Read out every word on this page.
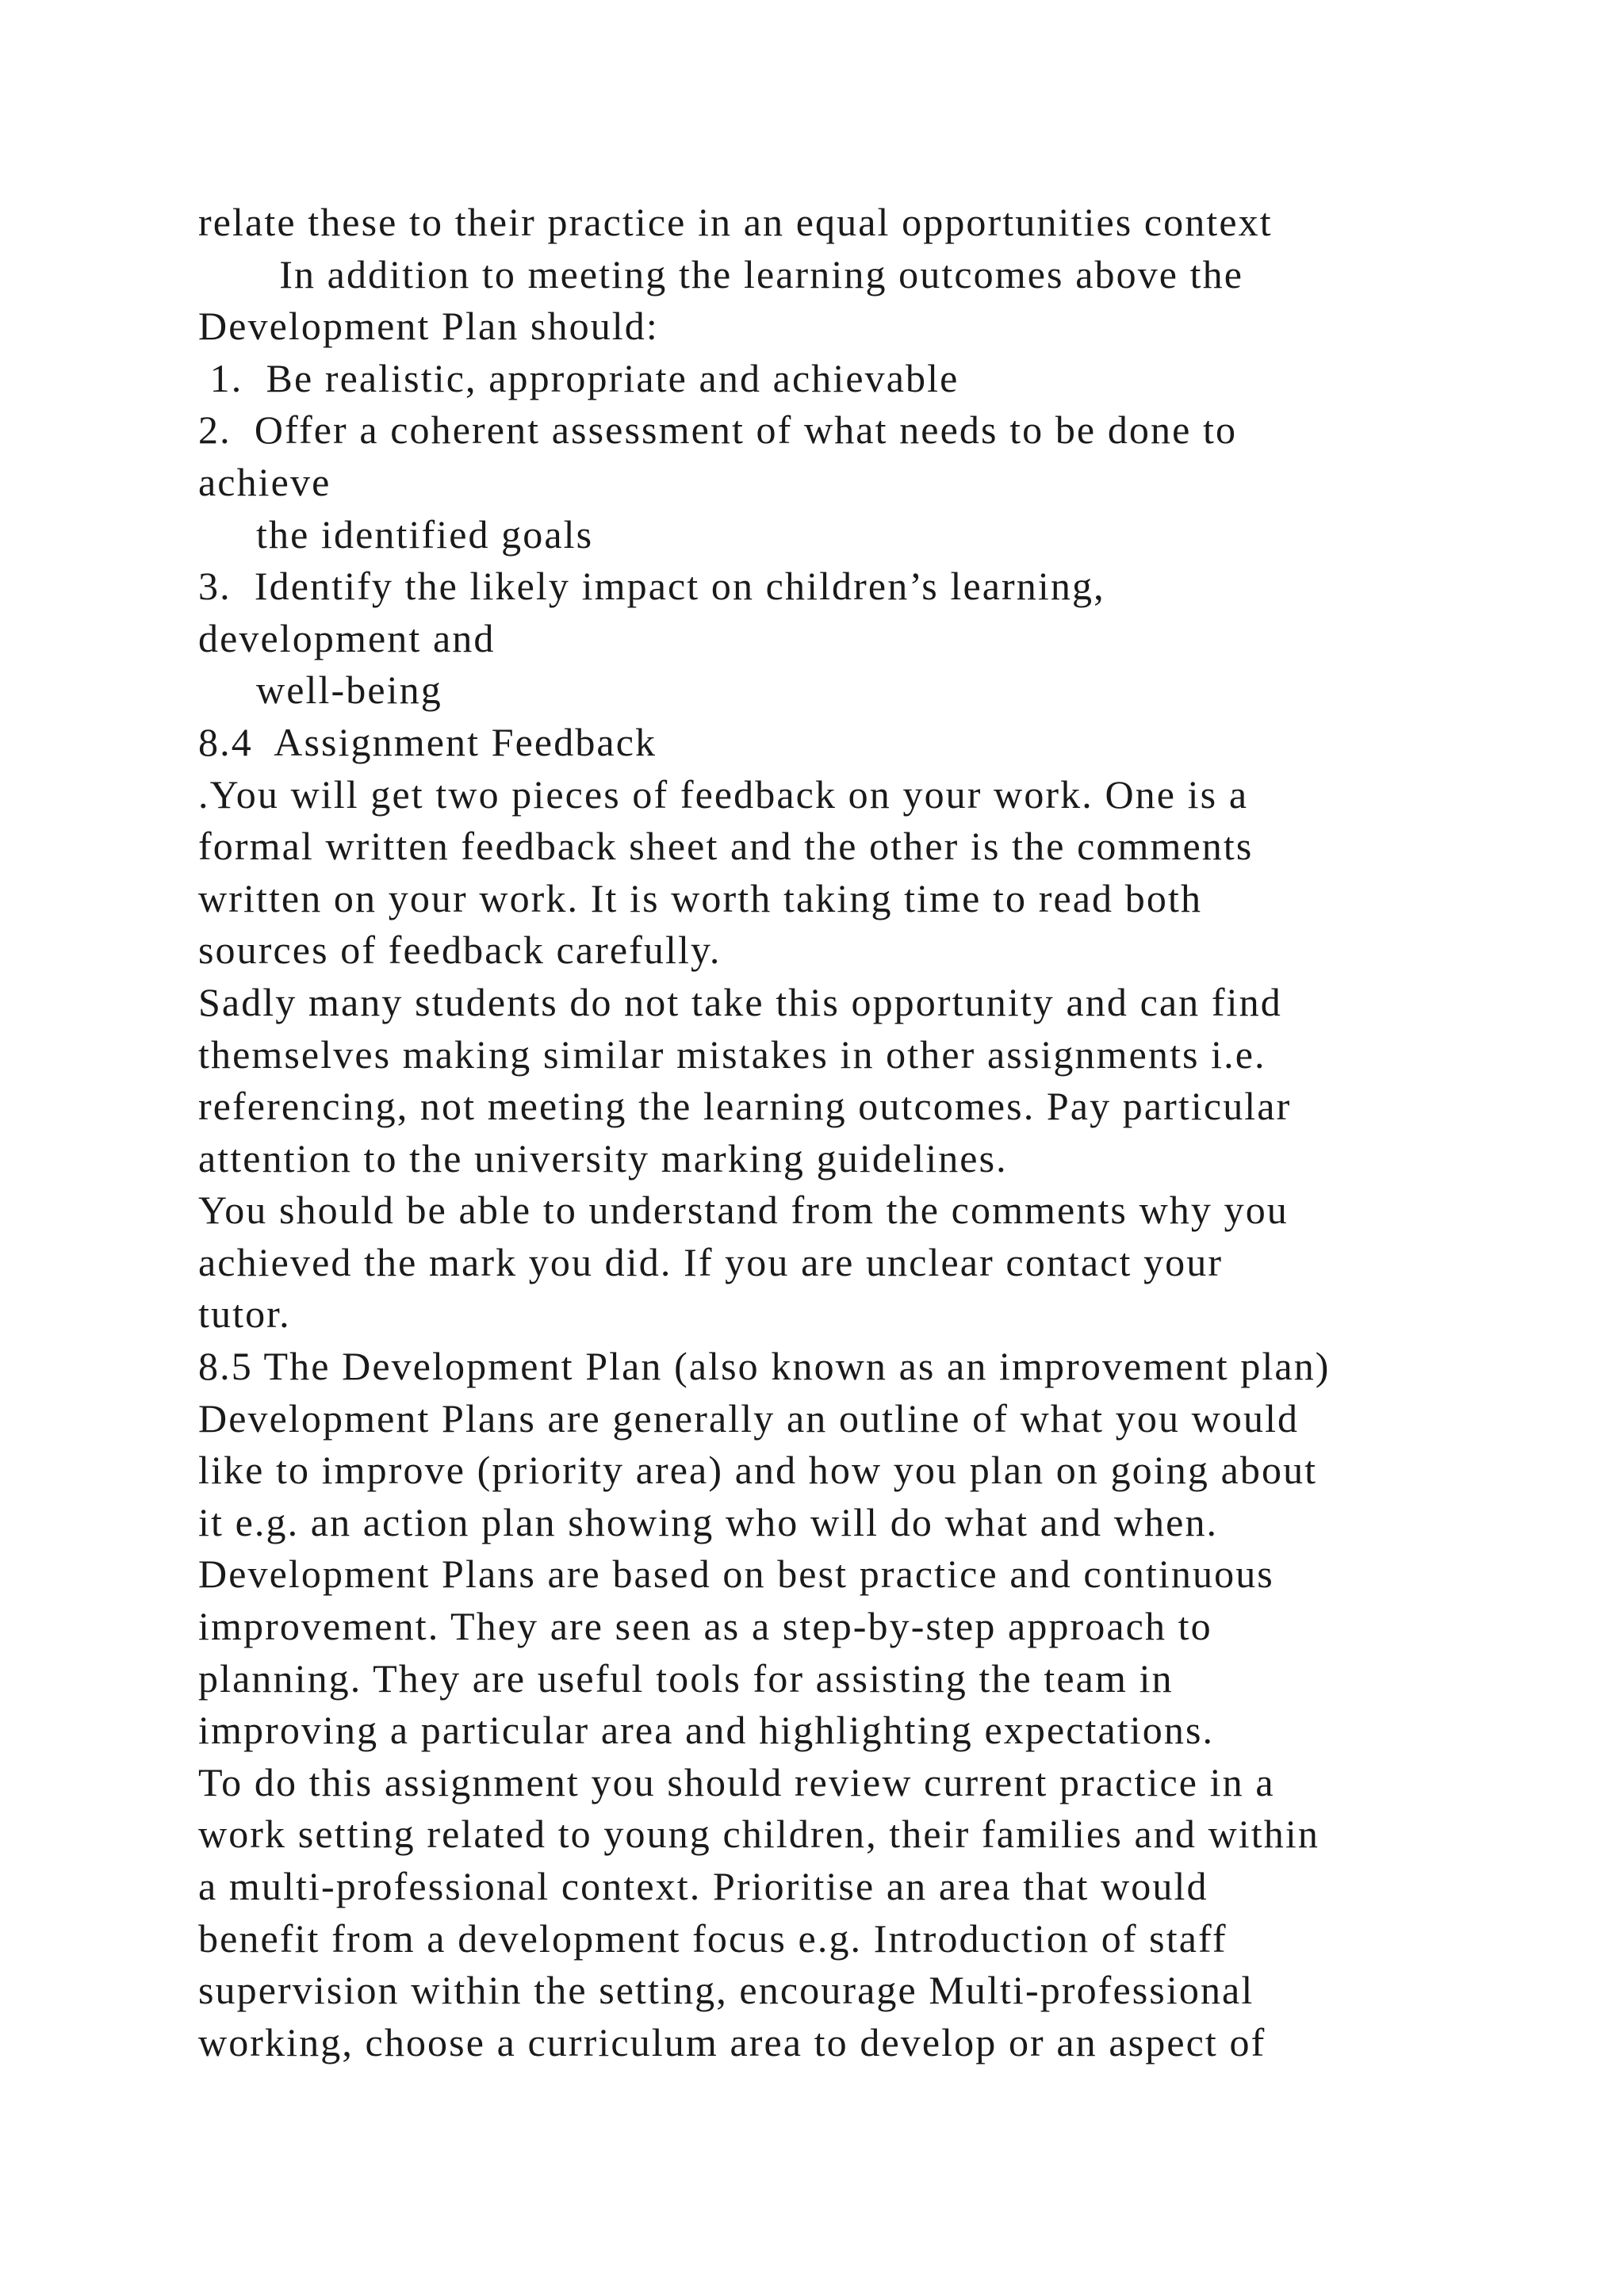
relate these to their practice in an equal opportunities context
In addition to meeting the learning outcomes above the
Development Plan should:
1.  Be realistic, appropriate and achievable
2.  Offer a coherent assessment of what needs to be done to
achieve
the identified goals
3.  Identify the likely impact on children’s learning,
development and
well-being
8.4  Assignment Feedback
.You will get two pieces of feedback on your work. One is a
formal written feedback sheet and the other is the comments
written on your work. It is worth taking time to read both
sources of feedback carefully.
Sadly many students do not take this opportunity and can find
themselves making similar mistakes in other assignments i.e.
referencing, not meeting the learning outcomes. Pay particular
attention to the university marking guidelines.
You should be able to understand from the comments why you
achieved the mark you did. If you are unclear contact your
tutor.
8.5 The Development Plan (also known as an improvement plan)
Development Plans are generally an outline of what you would
like to improve (priority area) and how you plan on going about
it e.g. an action plan showing who will do what and when.
Development Plans are based on best practice and continuous
improvement. They are seen as a step-by-step approach to
planning. They are useful tools for assisting the team in
improving a particular area and highlighting expectations.
To do this assignment you should review current practice in a
work setting related to young children, their families and within
a multi-professional context. Prioritise an area that would
benefit from a development focus e.g. Introduction of staff
supervision within the setting, encourage Multi-professional
working, choose a curriculum area to develop or an aspect of
